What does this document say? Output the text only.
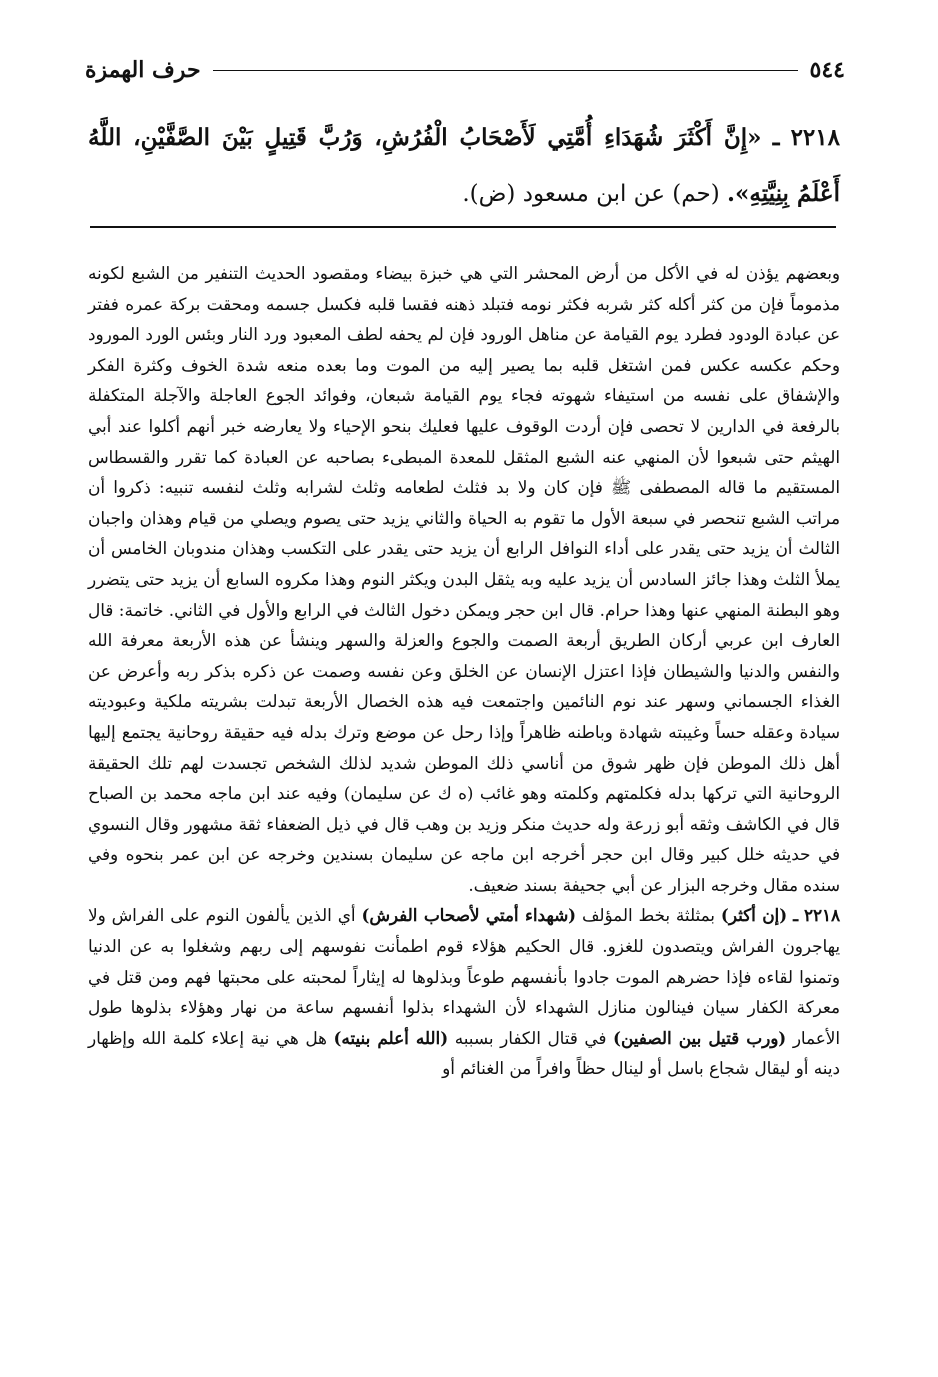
٥٤٤
حرف الهمزة
٢٢١٨ ـ «إِنَّ أَكْثَرَ شُهَدَاءِ أُمَّتِي لَأَصْحَابُ الْفُرُشِ، وَرُبَّ قَتِيلٍ بَيْنَ الصَّفَّيْنِ، اللَّهُ أَعْلَمُ بِنِيَّتِهِ». (حم) عن ابن مسعود (ض).

وبعضهم يؤذن له في الأكل من أرض المحشر التي هي خبزة بيضاء ومقصود الحديث التنفير من الشبع لكونه مذموماً فإن من كثر أكله كثر شربه فكثر نومه فتبلد ذهنه فقسا قلبه فكسل جسمه ومحقت بركة عمره ففتر عن عبادة الودود فطرد يوم القيامة عن مناهل الورود فإن لم يحفه لطف المعبود ورد النار وبئس الورد المورود وحكم عكسه عكس فمن اشتغل قلبه بما يصير إليه من الموت وما بعده منعه شدة الخوف وكثرة الفكر والإشفاق على نفسه من استيفاء شهوته فجاء يوم القيامة شبعان، وفوائد الجوع العاجلة والآجلة المتكفلة بالرفعة في الدارين لا تحصى فإن أردت الوقوف عليها فعليك بنحو الإحياء ولا يعارضه خبر أنهم أكلوا عند أبي الهيثم حتى شبعوا لأن المنهي عنه الشبع المثقل للمعدة المبطىء بصاحبه عن العبادة كما تقرر والقسطاس المستقيم ما قاله المصطفى ﷺ فإن كان ولا بد فثلث لطعامه وثلث لشرابه وثلث لنفسه تنبيه: ذكروا أن مراتب الشبع تنحصر في سبعة الأول ما تقوم به الحياة والثاني يزيد حتى يصوم ويصلي من قيام وهذان واجبان الثالث أن يزيد حتى يقدر على أداء النوافل الرابع أن يزيد حتى يقدر على التكسب وهذان مندوبان الخامس أن يملأ الثلث وهذا جائز السادس أن يزيد عليه وبه يثقل البدن ويكثر النوم وهذا مكروه السابع أن يزيد حتى يتضرر وهو البطنة المنهي عنها وهذا حرام. قال ابن حجر ويمكن دخول الثالث في الرابع والأول في الثاني. خاتمة: قال العارف ابن عربي أركان الطريق أربعة الصمت والجوع والعزلة والسهر وينشأ عن هذه الأربعة معرفة الله والنفس والدنيا والشيطان فإذا اعتزل الإنسان عن الخلق وعن نفسه وصمت عن ذكره بذكر ربه وأعرض عن الغذاء الجسماني وسهر عند نوم النائمين واجتمعت فيه هذه الخصال الأربعة تبدلت بشريته ملكية وعبوديته سيادة وعقله حساً وغيبته شهادة وباطنه ظاهراً وإذا رحل عن موضع وترك بدله فيه حقيقة روحانية يجتمع إليها أهل ذلك الموطن فإن ظهر شوق من أناسي ذلك الموطن شديد لذلك الشخص تجسدت لهم تلك الحقيقة الروحانية التي تركها بدله فكلمتهم وكلمته وهو غائب (ه ك عن سليمان) وفيه عند ابن ماجه محمد بن الصباح قال في الكاشف وثقه أبو زرعة وله حديث منكر وزيد بن وهب قال في ذيل الضعفاء ثقة مشهور وقال النسوي في حديثه خلل كبير وقال ابن حجر أخرجه ابن ماجه عن سليمان بسندين وخرجه عن ابن عمر بنحوه وفي سنده مقال وخرجه البزار عن أبي جحيفة بسند ضعيف.

٢٢١٨ ـ (إن أكثر) بمثلثة بخط المؤلف (شهداء أمتي لأصحاب الفرش) أي الذين يألفون النوم على الفراش ولا يهاجرون الفراش ويتصدون للغزو. قال الحكيم هؤلاء قوم اطمأنت نفوسهم إلى ربهم وشغلوا به عن الدنيا وتمنوا لقاءه فإذا حضرهم الموت جادوا بأنفسهم طوعاً وبذلوها له إيثاراً لمحبته على محبتها فهم ومن قتل في معركة الكفار سيان فينالون منازل الشهداء لأن الشهداء بذلوا أنفسهم ساعة من نهار وهؤلاء بذلوها طول الأعمار (ورب قتيل بين الصفين) في قتال الكفار بسببه (الله أعلم بنيته) هل هي نية إعلاء كلمة الله وإظهار دينه أو ليقال شجاع باسل أو لينال حظاً وافراً من الغنائم أو
